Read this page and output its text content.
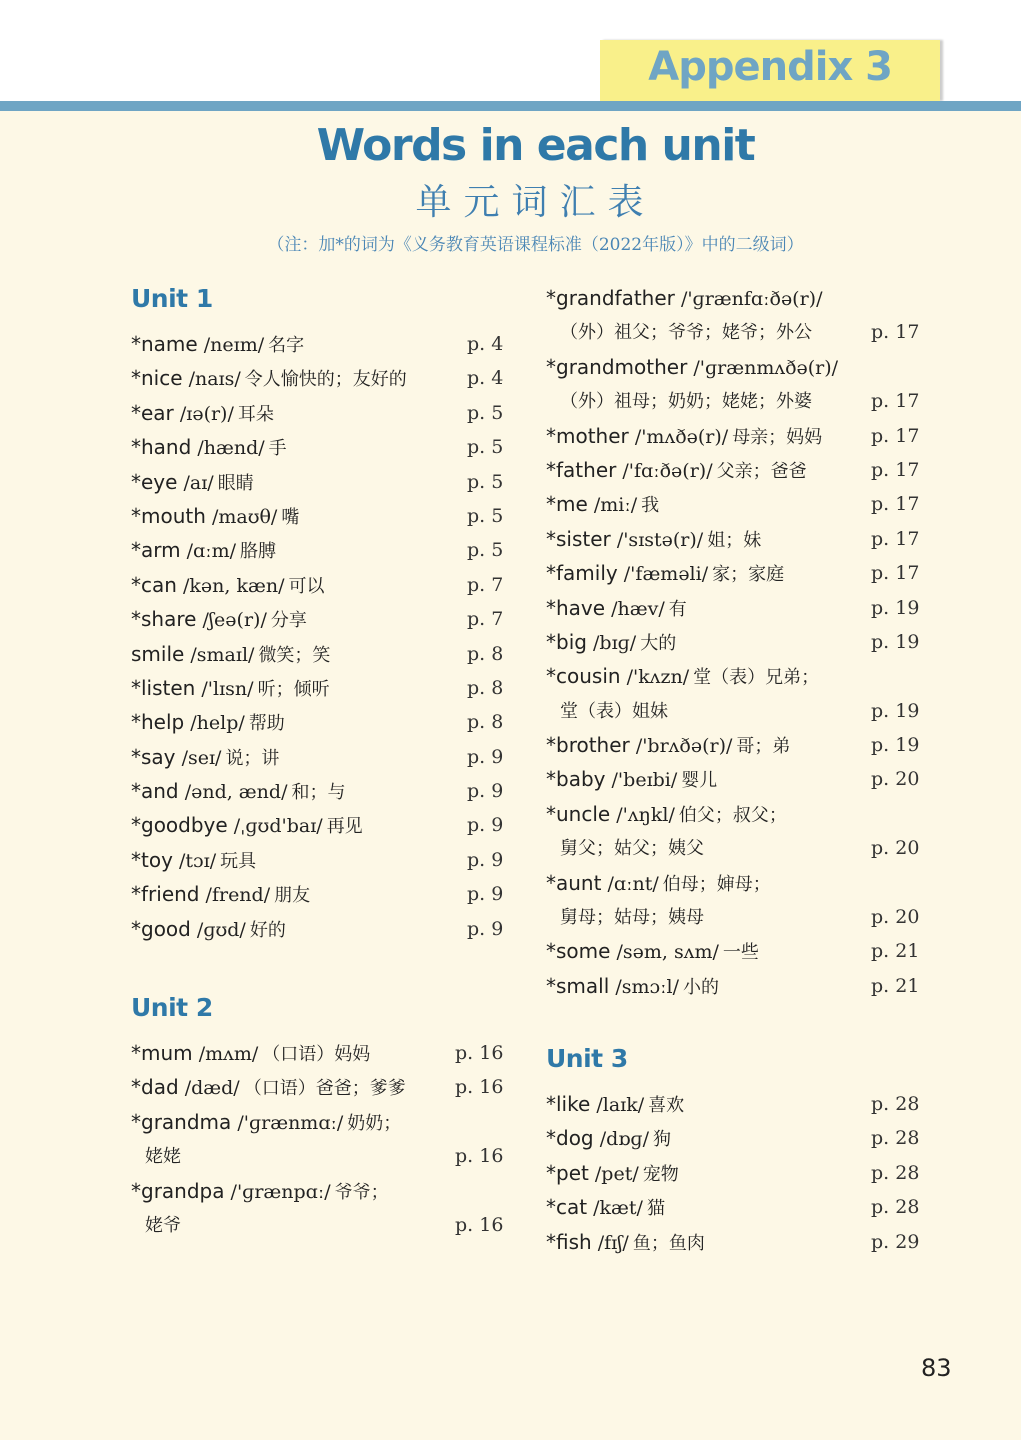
Appendix 3
Words in each unit
单元词汇表
（注：加*的词为《义务教育英语课程标准（2022年版）》中的二级词）
Unit 1
*name /neɪm/ 名字	p. 4
*nice /naɪs/ 令人愉快的；友好的	p. 4
*ear /ɪə(r)/ 耳朵	p. 5
*hand /hænd/ 手	p. 5
*eye /aɪ/ 眼睛	p. 5
*mouth /maʊθ/ 嘴	p. 5
*arm /ɑːm/ 胳膊	p. 5
*can /kən, kæn/ 可以	p. 7
*share /ʃeə(r)/ 分享	p. 7
smile /smaɪl/ 微笑；笑	p. 8
*listen /'lɪsn/ 听；倾听	p. 8
*help /help/ 帮助	p. 8
*say /seɪ/ 说；讲	p. 9
*and /ənd, ænd/ 和；与	p. 9
*goodbye /ˌɡʊd'baɪ/ 再见	p. 9
*toy /tɔɪ/ 玩具	p. 9
*friend /frend/ 朋友	p. 9
*good /ɡʊd/ 好的	p. 9
Unit 2
*mum /mʌm/ （口语）妈妈	p. 16
*dad /dæd/ （口语）爸爸；爹爹	p. 16
*grandma /'ɡrænmɑː/ 奶奶；
姥姥	p. 16
*grandpa /'ɡrænpɑː/ 爷爷；
姥爷	p. 16
*grandfather /'ɡrænfɑːðə(r)/
（外）祖父；爷爷；姥爷；外公	p. 17
*grandmother /'ɡrænmʌðə(r)/
（外）祖母；奶奶；姥姥；外婆	p. 17
*mother /'mʌðə(r)/ 母亲；妈妈	p. 17
*father /'fɑːðə(r)/ 父亲；爸爸	p. 17
*me /miː/ 我	p. 17
*sister /'sɪstə(r)/ 姐；妹	p. 17
*family /'fæməli/ 家；家庭	p. 17
*have /hæv/ 有	p. 19
*big /bɪɡ/ 大的	p. 19
*cousin /'kʌzn/ 堂（表）兄弟；
堂（表）姐妹	p. 19
*brother /'brʌðə(r)/ 哥；弟	p. 19
*baby /'beɪbi/ 婴儿	p. 20
*uncle /'ʌŋkl/ 伯父；叔父；
舅父；姑父；姨父	p. 20
*aunt /ɑːnt/ 伯母；婶母；
舅母；姑母；姨母	p. 20
*some /səm, sʌm/ 一些	p. 21
*small /smɔːl/ 小的	p. 21
Unit 3
*like /laɪk/ 喜欢	p. 28
*dog /dɒɡ/ 狗	p. 28
*pet /pet/ 宠物	p. 28
*cat /kæt/ 猫	p. 28
*fish /fɪʃ/ 鱼；鱼肉	p. 29
83
